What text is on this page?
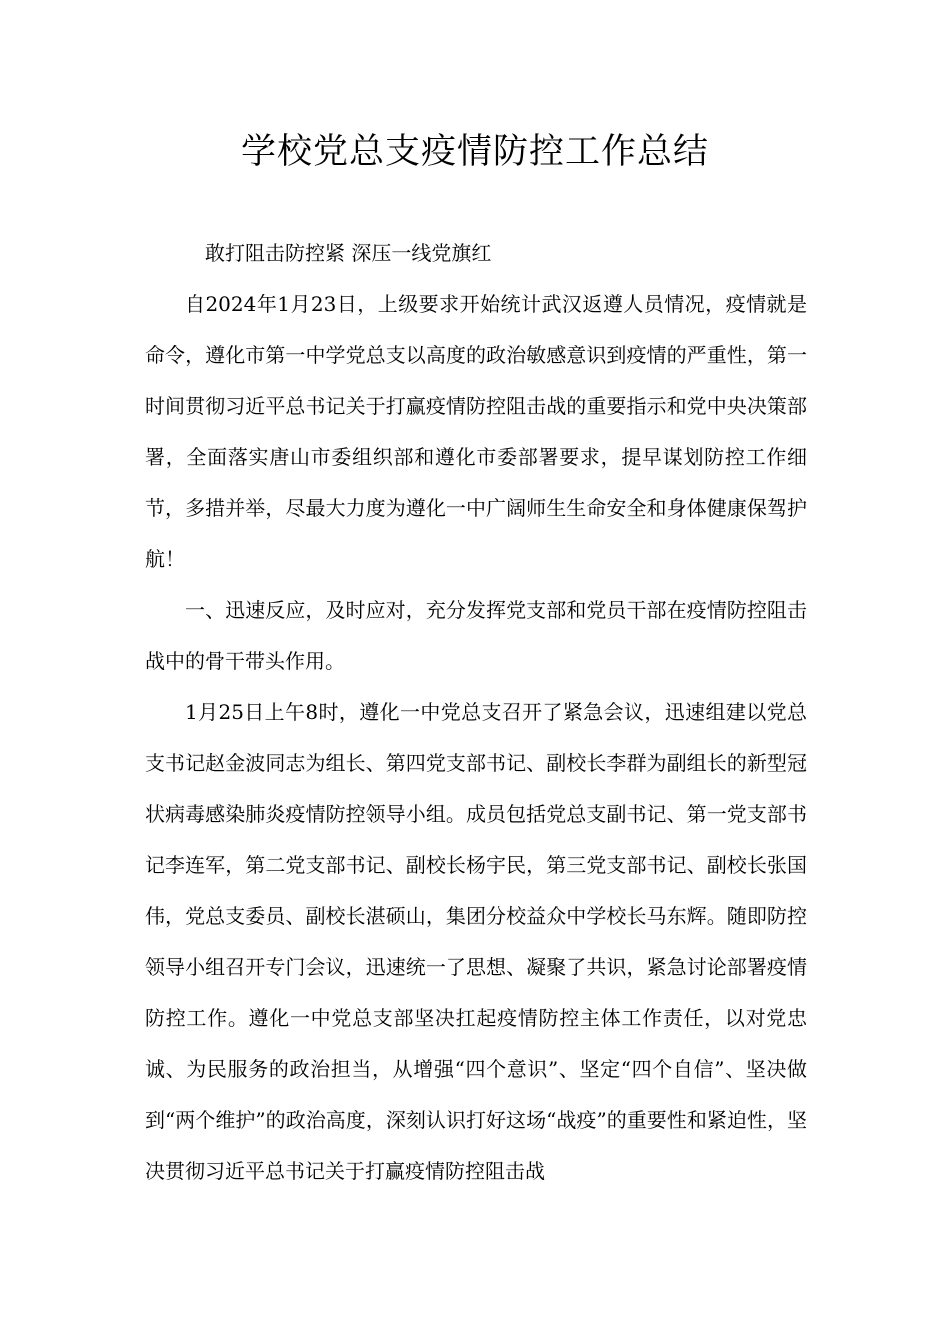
学校党总支疫情防控工作总结

敢打阻击防控紧 深压一线党旗红

自2024年1月23日，上级要求开始统计武汉返遵人员情况，疫情就是命令，遵化市第一中学党总支以高度的政治敏感意识到疫情的严重性，第一时间贯彻习近平总书记关于打赢疫情防控阻击战的重要指示和党中央决策部署，全面落实唐山市委组织部和遵化市委部署要求，提早谋划防控工作细节，多措并举，尽最大力度为遵化一中广阔师生生命安全和身体健康保驾护航！

一、迅速反应，及时应对，充分发挥党支部和党员干部在疫情防控阻击战中的骨干带头作用。

1月25日上午8时，遵化一中党总支召开了紧急会议，迅速组建以党总支书记赵金波同志为组长、第四党支部书记、副校长李群为副组长的新型冠状病毒感染肺炎疫情防控领导小组。成员包括党总支副书记、第一党支部书记李连军，第二党支部书记、副校长杨宇民，第三党支部书记、副校长张国伟，党总支委员、副校长湛硕山，集团分校益众中学校长马东辉。随即防控领导小组召开专门会议，迅速统一了思想、凝聚了共识，紧急讨论部署疫情防控工作。遵化一中党总支部坚决扛起疫情防控主体工作责任，以对党忠诚、为民服务的政治担当，从增强“四个意识”、坚定“四个自信”、坚决做到“两个维护”的政治高度，深刻认识打好这场“战疫”的重要性和紧迫性，坚决贯彻习近平总书记关于打赢疫情防控阻击战
